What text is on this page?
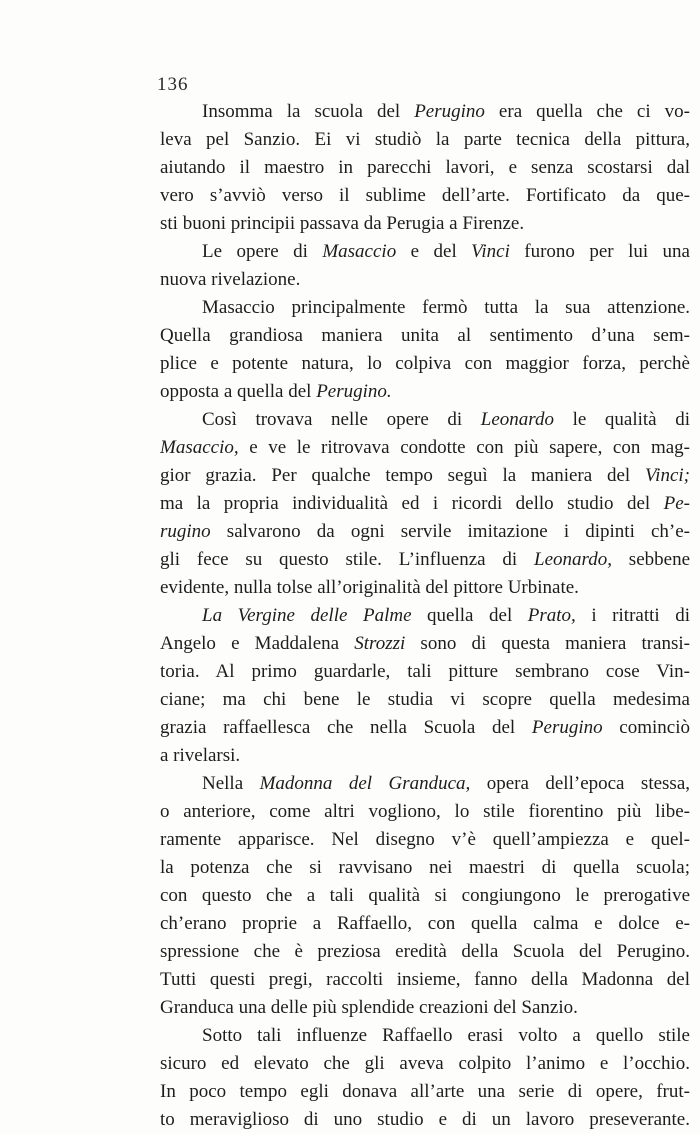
136
Insomma la scuola del Perugino era quella che ci vo-
leva pel Sanzio. Ei vi studiò la parte tecnica della pittura,
aiutando il maestro in parecchi lavori, e senza scostarsi dal
vero s’avviò verso il sublime dell’arte. Fortificato da que-
sti buoni principii passava da Perugia a Firenze.
Le opere di Masaccio e del Vinci furono per lui una
nuova rivelazione.
Masaccio principalmente fermò tutta la sua attenzione.
Quella grandiosa maniera unita al sentimento d’una sem-
plice e potente natura, lo colpiva con maggior forza, perchè
opposta a quella del Perugino.
Così trovava nelle opere di Leonardo le qualità di
Masaccio, e ve le ritrovava condotte con più sapere, con mag-
gior grazia. Per qualche tempo seguì la maniera del Vinci;
ma la propria individualità ed i ricordi dello studio del Pe-
rugino salvarono da ogni servile imitazione i dipinti ch’e-
gli fece su questo stile. L’influenza di Leonardo, sebbene
evidente, nulla tolse all’originalità del pittore Urbinate.
La Vergine delle Palme quella del Prato, i ritratti di
Angelo e Maddalena Strozzi sono di questa maniera transi-
toria. Al primo guardarle, tali pitture sembrano cose Vin-
ciane; ma chi bene le studia vi scopre quella medesima
grazia raffaellesca che nella Scuola del Perugino cominciò
a rivelarsi.
Nella Madonna del Granduca, opera dell’epoca stessa,
o anteriore, come altri vogliono, lo stile fiorentino più libe-
ramente apparisce. Nel disegno v’è quell’ampiezza e quel-
la potenza che si ravvisano nei maestri di quella scuola;
con questo che a tali qualità si congiungono le prerogative
ch’erano proprie a Raffaello, con quella calma e dolce e-
spressione che è preziosa eredità della Scuola del Perugino.
Tutti questi pregi, raccolti insieme, fanno della Madonna del
Granduca una delle più splendide creazioni del Sanzio.
Sotto tali influenze Raffaello erasi volto a quello stile
sicuro ed elevato che gli aveva colpito l’animo e l’occhio.
In poco tempo egli donava all’arte una serie di opere, frut-
to meraviglioso di uno studio e di un lavoro preseverante.
